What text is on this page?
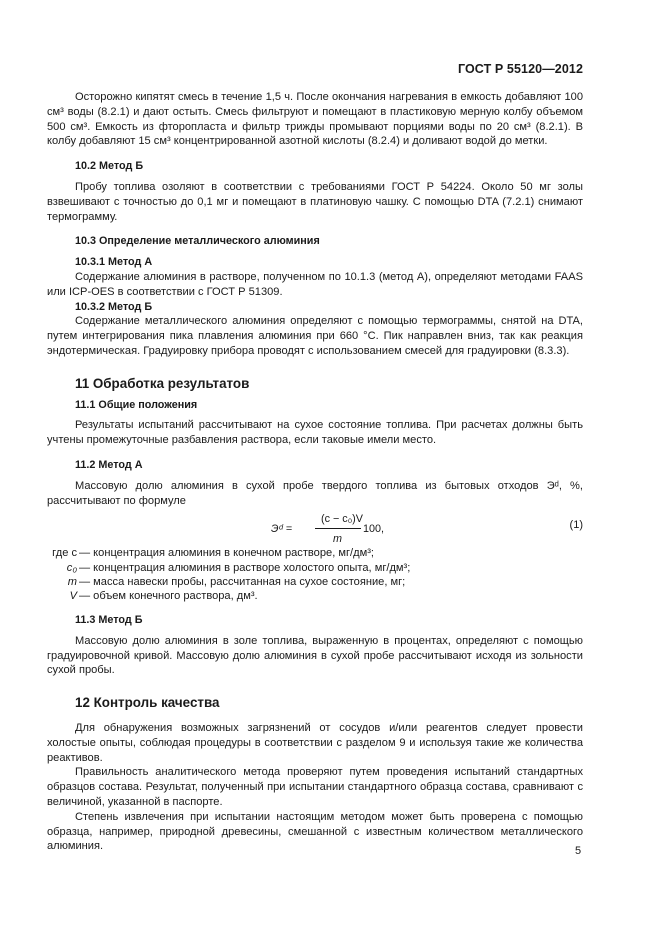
ГОСТ Р 55120—2012

Осторожно кипятят смесь в течение 1,5 ч. После окончания нагревания в емкость добавляют 100 см³ воды (8.2.1) и дают остыть. Смесь фильтруют и помещают в пластиковую мерную колбу объемом 500 см³. Емкость из фторопласта и фильтр трижды промывают порциями воды по 20 см³ (8.2.1). В колбу добавляют 15 см³ концентрированной азотной кислоты (8.2.4) и доливают водой до метки.

10.2 Метод Б

Пробу топлива озоляют в соответствии с требованиями ГОСТ Р 54224. Около 50 мг золы взвешивают с точностью до 0,1 мг и помещают в платиновую чашку. С помощью DTA (7.2.1) снимают термограмму.

10.3 Определение металлического алюминия
10.3.1 Метод А

Содержание алюминия в растворе, полученном по 10.1.3 (метод А), определяют методами FAAS или ICP-OES в соответствии с ГОСТ Р 51309.

10.3.2 Метод Б

Содержание металлического алюминия определяют с помощью термограммы, снятой на DTA, путем интегрирования пика плавления алюминия при 660 °C. Пик направлен вниз, так как реакция эндотермическая. Градуировку прибора проводят с использованием смесей для градуировки (8.3.3).

11 Обработка результатов
11.1 Общие положения

Результаты испытаний рассчитывают на сухое состояние топлива. При расчетах должны быть учтены промежуточные разбавления раствора, если таковые имели место.

11.2 Метод А

Массовую долю алюминия в сухой пробе твердого топлива из бытовых отходов Эᵈ, %, рассчитывают по формуле

Эᵈ =
(c − c₀)V
m
100,	(1)
где c — концентрация алюминия в конечном растворе, мг/дм³;
c₀ — концентрация алюминия в растворе холостого опыта, мг/дм³;
m — масса навески пробы, рассчитанная на сухое состояние, мг;
V — объем конечного раствора, дм³.
11.3 Метод Б

Массовую долю алюминия в золе топлива, выраженную в процентах, определяют с помощью градуировочной кривой. Массовую долю алюминия в сухой пробе рассчитывают исходя из зольности сухой пробы.

12 Контроль качества

Для обнаружения возможных загрязнений от сосудов и/или реагентов следует провести холостые опыты, соблюдая процедуры в соответствии с разделом 9 и используя такие же количества реактивов.

Правильность аналитического метода проверяют путем проведения испытаний стандартных образцов состава. Результат, полученный при испытании стандартного образца состава, сравнивают с величиной, указанной в паспорте.

Степень извлечения при испытании настоящим методом может быть проверена с помощью образца, например, природной древесины, смешанной с известным количеством металлического алюминия.	5
